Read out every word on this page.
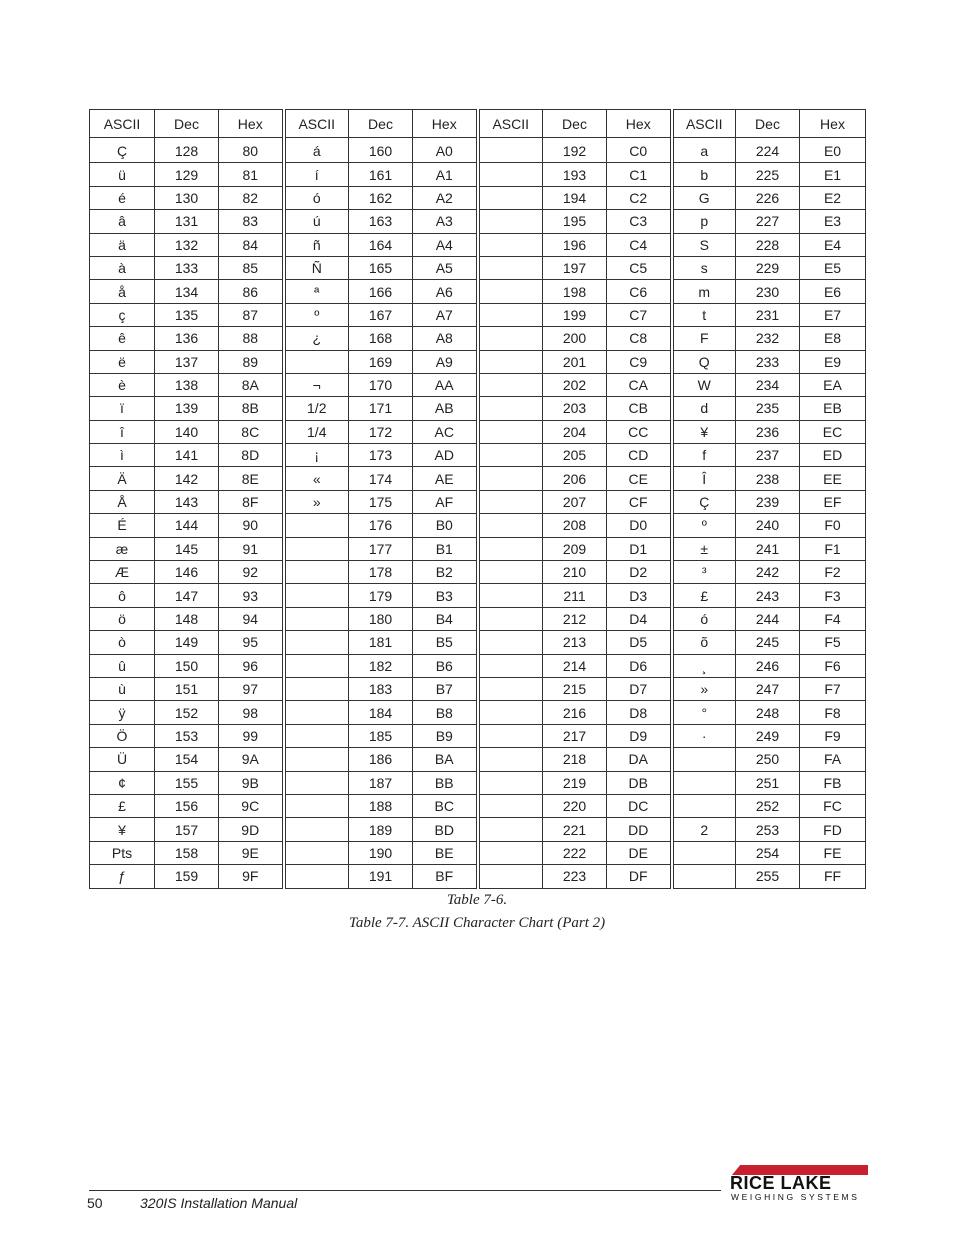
ASCII	Dec	Hex	ASCII	Dec	Hex	ASCII	Dec	Hex	ASCII	Dec	Hex
Ç	128	80	á	160	A0		192	C0	a	224	E0
ü	129	81	í	161	A1		193	C1	b	225	E1
é	130	82	ó	162	A2		194	C2	G	226	E2
â	131	83	ú	163	A3		195	C3	p	227	E3
ä	132	84	ñ	164	A4		196	C4	S	228	E4
à	133	85	Ñ	165	A5		197	C5	s	229	E5
å	134	86	ª	166	A6		198	C6	m	230	E6
ç	135	87	º	167	A7		199	C7	t	231	E7
ê	136	88	¿	168	A8		200	C8	F	232	E8
ë	137	89		169	A9		201	C9	Q	233	E9
è	138	8A	¬	170	AA		202	CA	W	234	EA
ï	139	8B	1/2	171	AB		203	CB	d	235	EB
î	140	8C	1/4	172	AC		204	CC	¥	236	EC
ì	141	8D	¡	173	AD		205	CD	f	237	ED
Ä	142	8E	«	174	AE		206	CE	Î	238	EE
Å	143	8F	»	175	AF		207	CF	Ç	239	EF
É	144	90		176	B0		208	D0	º	240	F0
æ	145	91		177	B1		209	D1	±	241	F1
Æ	146	92		178	B2		210	D2	³	242	F2
ô	147	93		179	B3		211	D3	£	243	F3
ö	148	94		180	B4		212	D4	ó	244	F4
ò	149	95		181	B5		213	D5	õ	245	F5
û	150	96		182	B6		214	D6	¸	246	F6
ù	151	97		183	B7		215	D7	»	247	F7
ÿ	152	98		184	B8		216	D8	°	248	F8
Ö	153	99		185	B9		217	D9	·	249	F9
Ü	154	9A		186	BA		218	DA		250	FA
¢	155	9B		187	BB		219	DB		251	FB
£	156	9C		188	BC		220	DC		252	FC
¥	157	9D		189	BD		221	DD	2	253	FD
Pts	158	9E		190	BE		222	DE		254	FE
ƒ	159	9F		191	BF		223	DF		255	FF
Table 7-6.
Table 7-7. ASCII Character Chart (Part 2)
50	320IS Installation Manual
RICE LAKE
WEIGHING SYSTEMS
